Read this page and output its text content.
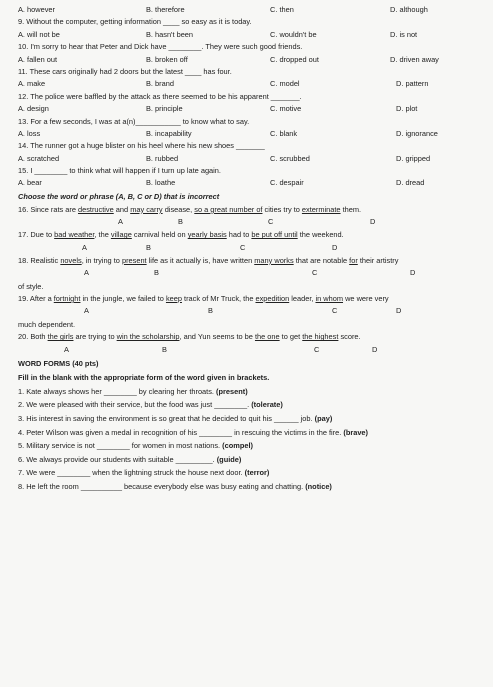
A. however	B. therefore	C. then	D. although
9. Without the computer, getting information ____ so easy as it is today.
A. will not be	B. hasn't been	C. wouldn't be	D. is not
10. I'm sorry to hear that Peter and Dick have ________. They were such good friends.
A. fallen out	B. broken off	C. dropped out	D. driven away
11. These cars originally had 2 doors but the latest ____ has four.
A. make	B. brand	C. model	D. pattern
12. The police were baffled by the attack as there seemed to be his apparent _______.
A. design	B. principle	C. motive	D. plot
13. For a few seconds, I was at a(n)___________ to know what to say.
A. loss	B. incapability	C. blank	D. ignorance
14. The runner got a huge blister on his heel where his new shoes _______
A. scratched	B. rubbed	C. scrubbed	D. gripped
15. I ________ to think what will happen if I turn up late again.
A. bear	B. loathe	C. despair	D. dread
Choose the word or phrase (A, B, C or D) that is incorrect
16. Since rats are destructive and may carry disease, so a great number of cities try to exterminate them.
A	B	C	D
17. Due to bad weather, the village carnival held on yearly basis had to be put off until the weekend.
A	B	C	D
18. Realistic novels, in trying to present life as it actually is, have written many works that are notable for their artistry
A	B	C	D
of style.
19. After a fortnight in the jungle, we failed to keep track of Mr Truck, the expedition leader, in whom we were very
A	B	C	D
much dependent.
20. Both the girls are trying to win the scholarship, and Yun seems to be the one to get the highest score.
A	B	C	D
WORD FORMS (40 pts)
Fill in the blank with the appropriate form of the word given in brackets.
1. Kate always shows her ________ by clearing her throats. (present)
2. We were pleased with their service, but the food was just ________. (tolerate)
3. His interest in saving the environment is so great that he decided to quit his ______ job. (pay)
4. Peter Wilson was given a medal in recognition of his ________ in rescuing the victims in the fire. (brave)
5. Military service is not ________ for women in most nations. (compel)
6. We always provide our students with suitable _________. (guide)
7. We were ________ when the lightning struck the house next door. (terror)
8. He left the room __________ because everybody else was busy eating and chatting. (notice)
